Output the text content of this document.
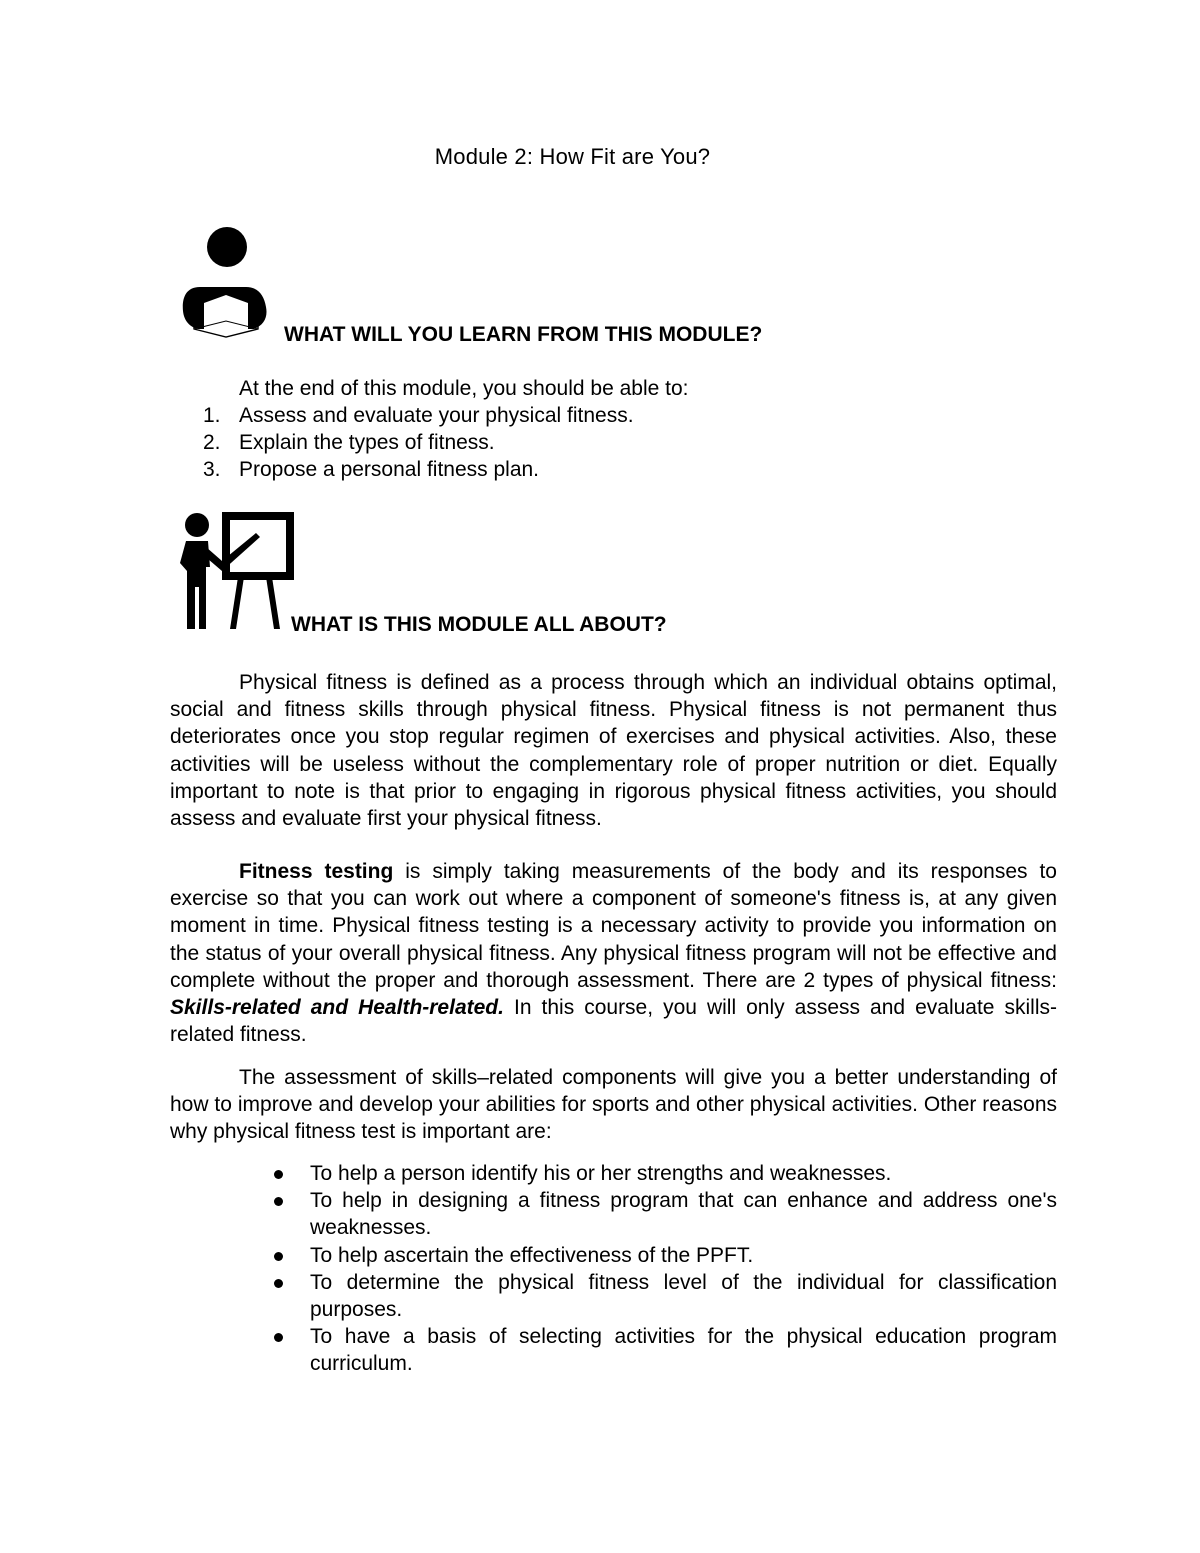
Module 2: How Fit are You?
WHAT WILL YOU LEARN FROM THIS MODULE?
At the end of this module, you should be able to:
1. Assess and evaluate your physical fitness.
2. Explain the types of fitness.
3. Propose a personal fitness plan.
WHAT IS THIS MODULE ALL ABOUT?

Physical fitness is defined as a process through which an individual obtains optimal, social and fitness skills through physical fitness. Physical fitness is not permanent thus deteriorates once you stop regular regimen of exercises and physical activities. Also, these activities will be useless without the complementary role of proper nutrition or diet. Equally important to note is that prior to engaging in rigorous physical fitness activities, you should assess and evaluate first your physical fitness.

Fitness testing is simply taking measurements of the body and its responses to exercise so that you can work out where a component of someone's fitness is, at any given moment in time. Physical fitness testing is a necessary activity to provide you information on the status of your overall physical fitness. Any physical fitness program will not be effective and complete without the proper and thorough assessment. There are 2 types of physical fitness: Skills-related and Health-related. In this course, you will only assess and evaluate skills-related fitness.

The assessment of skills–related components will give you a better understanding of how to improve and develop your abilities for sports and other physical activities. Other reasons why physical fitness test is important are:

To help a person identify his or her strengths and weaknesses.
To help in designing a fitness program that can enhance and address one's weaknesses.
To help ascertain the effectiveness of the PPFT.
To determine the physical fitness level of the individual for classification purposes.
To have a basis of selecting activities for the physical education program curriculum.
